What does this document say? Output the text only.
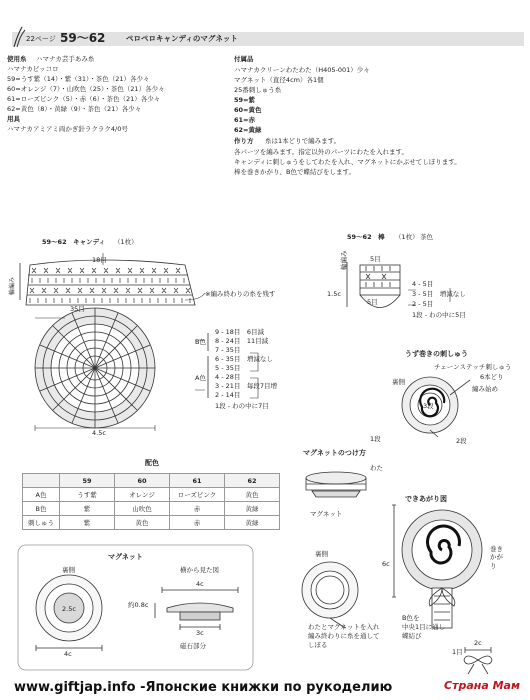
22ページ 59〜62	ペロペロキャンディのマグネット
使用糸 ハマナカ芸手あみ糸
ハマナカピッコロ
59=うす紫（14）・紫（31）・茶色（21）各少々
60=オレンジ（7）・山吹色（25）・茶色（21）各少々
61=ローズピンク（5）・赤（6）・茶色（21）各少々
62=黄色（8）・黄緑（9）・茶色（21）各少々
用具
ハマナカアミアミ両かぎ針ラクラク4/0号
付属品
ハマナカクリーンわたわた（H405-001）少々
マグネット（直径4cm）各1個
25番刺しゅう糸
59=紫
60=黄色
61=赤
62=黄緑
作り方 糸は1本どりで編みます。
各パーツを編みます。指定以外のパーツにわたを入れます。
キャンディに刺しゅうをしてわたを入れ、マグネットにかぶせてしぼります。
棒を巻きかがり、B色で蝶結びをします。
輪編み
59〜62　キャンディ （1枚）
18目
35目
※編み終わりの糸を残す
4.5c
B色
A色
9 - 18目　 6目減
8 - 24目　 11目減
7 - 35目
6 - 35目　 増減なし
5 - 35目
4 - 28目
3 - 21目　 毎段7目増
2 - 14目
1段 - わの中に7目
59〜62　棒 （1枚） 茶色
5目
1.5c
5目
輪編み
4 - 5目
3 - 5目　 増減なし
2 - 5目
1段 - わの中に5目
うず巻きの刺しゅう
裏側
チェーンステッチ刺しゅう
6本どり
編み始め
3段
2段
1段
配色
	59	60	61	62
A色	うす紫	オレンジ	ローズピンク	黄色
B色	紫	山吹色	赤	黄緑
刺しゅう	紫	黄色	赤	黄緑
マグネットのつけ方
わた
マグネット
裏側
わたとマグネットを入れ
編み終わりに糸を通して
しぼる
マグネット
裏側	横から見た図
2.5c
4c
4c
約0.8c
3c
磁石部分
できあがり図
巻きかがり
6c
B色を
中央1目に通し
蝶結び
1目
2c
www.giftjap.info -Японские книжки по рукоделию	Страна Мам
